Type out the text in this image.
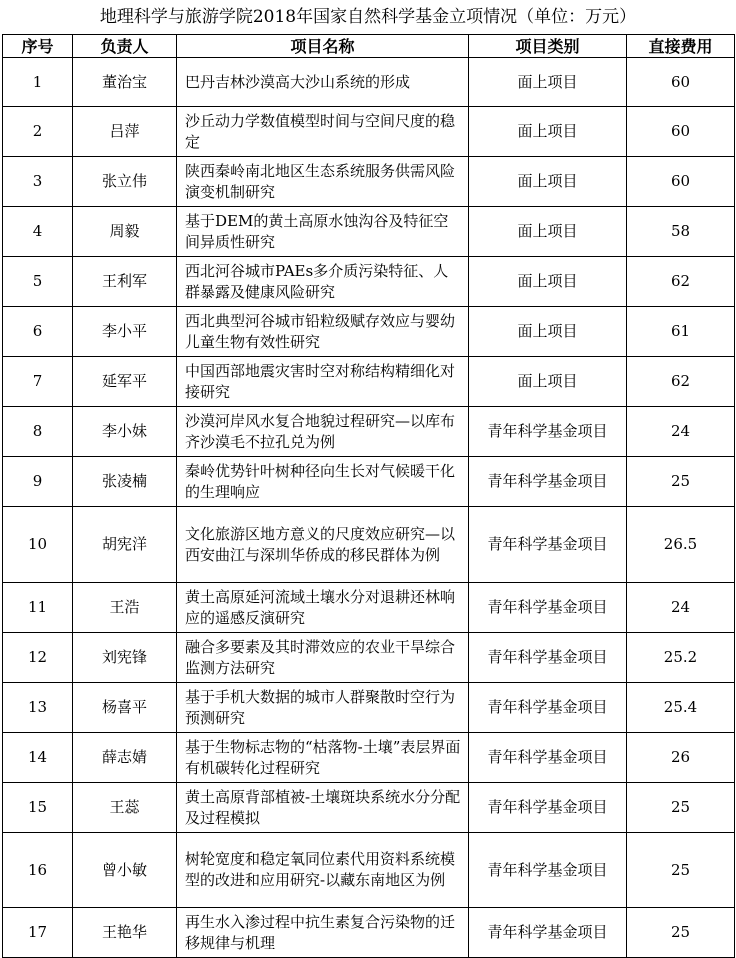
地理科学与旅游学院2018年国家自然科学基金立项情况（单位：万元）
序号	负责人	项目名称	项目类别	直接费用
1	董治宝	巴丹吉林沙漠高大沙山系统的形成	面上项目	60
2	吕萍	沙丘动力学数值模型时间与空间尺度的稳定	面上项目	60
3	张立伟	陕西秦岭南北地区生态系统服务供需风险演变机制研究	面上项目	60
4	周毅	基于DEM的黄土高原水蚀沟谷及特征空间异质性研究	面上项目	58
5	王利军	西北河谷城市PAEs多介质污染特征、人群暴露及健康风险研究	面上项目	62
6	李小平	西北典型河谷城市铅粒级赋存效应与婴幼儿童生物有效性研究	面上项目	61
7	延军平	中国西部地震灾害时空对称结构精细化对接研究	面上项目	62
8	李小妹	沙漠河岸风水复合地貌过程研究—以库布齐沙漠毛不拉孔兑为例	青年科学基金项目	24
9	张凌楠	秦岭优势针叶树种径向生长对气候暖干化的生理响应	青年科学基金项目	25
10	胡宪洋	文化旅游区地方意义的尺度效应研究—以西安曲江与深圳华侨成的移民群体为例	青年科学基金项目	26.5
11	王浩	黄土高原延河流域土壤水分对退耕还林响应的遥感反演研究	青年科学基金项目	24
12	刘宪锋	融合多要素及其时滞效应的农业干旱综合监测方法研究	青年科学基金项目	25.2
13	杨喜平	基于手机大数据的城市人群聚散时空行为预测研究	青年科学基金项目	25.4
14	薛志婧	基于生物标志物的“枯落物-土壤”表层界面有机碳转化过程研究	青年科学基金项目	26
15	王蕊	黄土高原背部植被-土壤斑块系统水分分配及过程模拟	青年科学基金项目	25
16	曾小敏	树轮宽度和稳定氧同位素代用资料系统模型的改进和应用研究-以藏东南地区为例	青年科学基金项目	25
17	王艳华	再生水入渗过程中抗生素复合污染物的迁移规律与机理	青年科学基金项目	25
